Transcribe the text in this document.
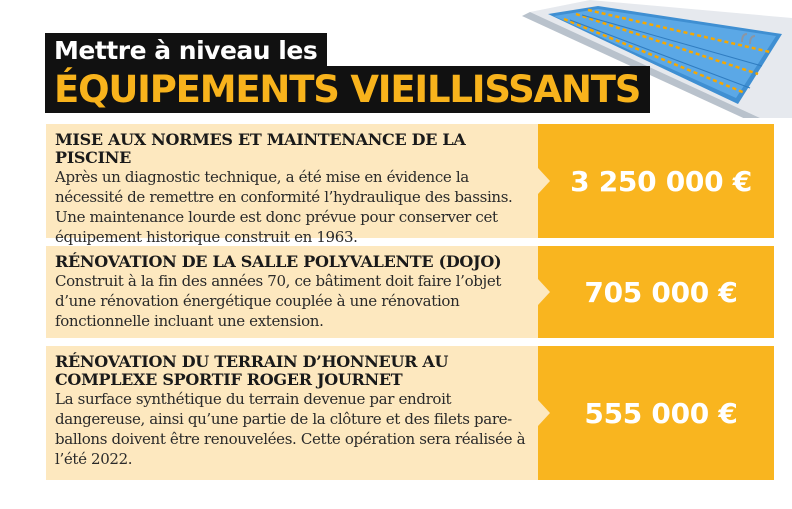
Mettre à niveau les
ÉQUIPEMENTS VIEILLISSANTS
MISE AUX NORMES ET MAINTENANCE DE LA PISCINE

Après un diagnostic technique, a été mise en évidence la nécessité de remettre en conformité l’hydraulique des bassins. Une maintenance lourde est donc prévue pour conserver cet équipement historique construit en 1963.

3 250 000 €
RÉNOVATION DE LA SALLE POLYVALENTE (DOJO)

Construit à la fin des années 70, ce bâtiment doit faire l’objet d’une rénovation énergétique couplée à une rénovation fonctionnelle incluant une extension.

705 000 €
RÉNOVATION DU TERRAIN D’HONNEUR AU COMPLEXE SPORTIF ROGER JOURNET

La surface synthétique du terrain devenue par endroit dangereuse, ainsi qu’une partie de la clôture et des filets pare-ballons doivent être renouvelées. Cette opération sera réalisée à l’été 2022.

555 000 €
